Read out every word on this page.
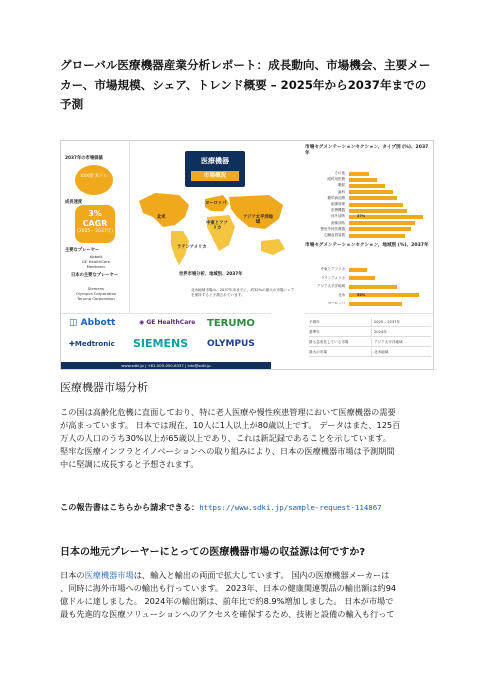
グローバル医療機器産業分析レポート：成長動向、市場機会、主要メーカー、市場規模、シェア、トレンド概要 – 2025年から2037年までの予測
2037年の市場価値
XXX億 米ドル
成長速度
3%
CAGR
(2025 – 2037年)
主要なプレーヤー
Abbott
GE HealthCare
Medtronic
日本の主要なプレーヤー
Siemens
Olympus Corporation
Terumo Corporation
医療機器
市場概況
北米
ヨーロッパ
中東とアフリカ
アジア太平洋地域
ラテンアメリカ
世界市場分析、地域別、2037年
北米地域市場は、2037年末までに、約32%の最大の市場シェアを保持すると予測されています。
市場セグメンテーションセクション、タイプ別 (%)、2037年
その他
眼科用医療
聴覚
歯科
糖尿病治療
創傷管理
医療機器
体外診断	37%
画像診断
整形外科医療器
心臓血管装置
市場セグメンテーションセクション、地域別 (%)、2037年
中東とアフリカ
ラテンアメリカ
アジア太平洋地域
北米	32%
ヨーロッパ
◫ Abbott	◉ GE HealthCare TERUMO
✚Medtronic SIEMENS OLYMPUS
www.sdki.jp | +81-505-050-8337 | info@sdki.jp
予測年	2025 – 2037年
基準年	2024年
最も急成長している市場	アジア太平洋地域
最大の市場	北米地域
医療機器市場分析
この国は高齢化危機に直面しており、特に老人医療や慢性疾患管理において医療機器の需要
が高まっています。 日本では現在、10人に1人以上が80歳以上です。 データはまた、125百
万人の人口のうち30%以上が65歳以上であり、これは新記録であることを示しています。
堅牢な医療インフラとイノベーションへの取り組みにより、日本の医療機器市場は予測期間
中に堅調に成長すると予想されます。
この報告書はこちらから請求できる：https://www.sdki.jp/sample-request-114867
日本の地元プレーヤーにとっての医療機器市場の収益源は何ですか?
日本の医療機器市場は、輸入と輸出の両面で拡大しています。 国内の医療機器メーカーは
、同時に海外市場への輸出も行っています。 2023年、日本の健康関連製品の輸出額は約94
億ドルに達しました。 2024年の輸出額は、前年比で約8.9%増加しました。 日本が市場で
最も先進的な医療ソリューションへのアクセスを確保するため、技術と設備の輸入も行って
